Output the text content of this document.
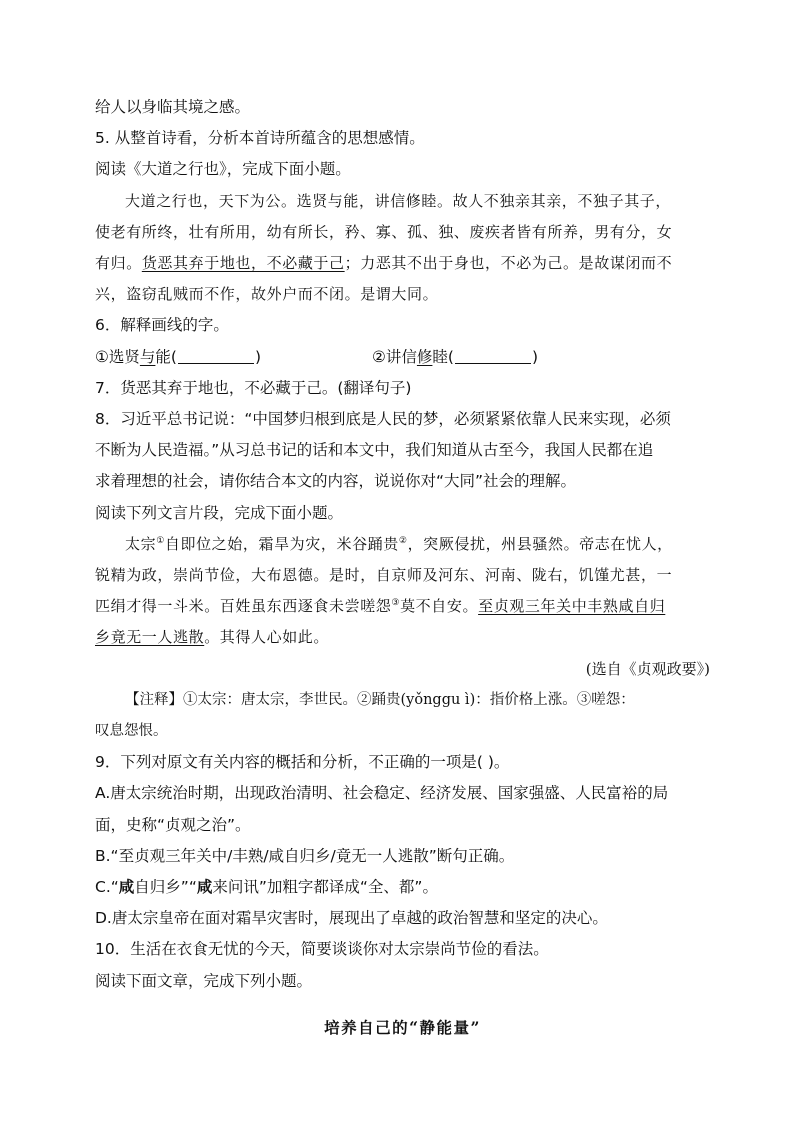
给人以身临其境之感。
5. 从整首诗看，分析本首诗所蕴含的思想感情。
阅读《大道之行也》，完成下面小题。
大道之行也，天下为公。选贤与能，讲信修睦。故人不独亲其亲，不独子其子，
使老有所终，壮有所用，幼有所长，矜、寡、孤、独、废疾者皆有所养，男有分，女
有归。货恶其弃于地也，不必藏于己；力恶其不出于身也，不必为己。是故谋闭而不
兴，盗窃乱贼而不作，故外户而不闭。是谓大同。
6．解释画线的字。
①选贤与能(	)	②讲信修睦(	)
7．货恶其弃于地也，不必藏于己。(翻译句子)
8．习近平总书记说：“中国梦归根到底是人民的梦，必须紧紧依靠人民来实现，必须
不断为人民造福。”从习总书记的话和本文中，我们知道从古至今，我国人民都在追
求着理想的社会，请你结合本文的内容，说说你对“大同”社会的理解。
阅读下列文言片段，完成下面小题。
太宗①自即位之始，霜旱为灾，米谷踊贵②，突厥侵扰，州县骚然。帝志在忧人，
锐精为政，崇尚节俭，大布恩德。是时，自京师及河东、河南、陇右，饥馑尤甚，一
匹绢才得一斗米。百姓虽东西逐食未尝嗟怨③莫不自安。至贞观三年关中丰熟咸自归
乡竟无一人逃散。其得人心如此。
(选自《贞观政要》)
【注释】①太宗：唐太宗，李世民。②踊贵(yǒnggu ì)：指价格上涨。③嗟怨：
叹息怨恨。
9．下列对原文有关内容的概括和分析，不正确的一项是( )。
A.唐太宗统治时期，出现政治清明、社会稳定、经济发展、国家强盛、人民富裕的局
面，史称“贞观之治”。
B.“至贞观三年关中/丰熟/咸自归乡/竟无一人逃散”断句正确。
C.“咸自归乡”“咸来问讯”加粗字都译成“全、都”。
D.唐太宗皇帝在面对霜旱灾害时，展现出了卓越的政治智慧和坚定的决心。
10．生活在衣食无忧的今天，简要谈谈你对太宗崇尚节俭的看法。
阅读下面文章，完成下列小题。
培养自己的“静能量”
